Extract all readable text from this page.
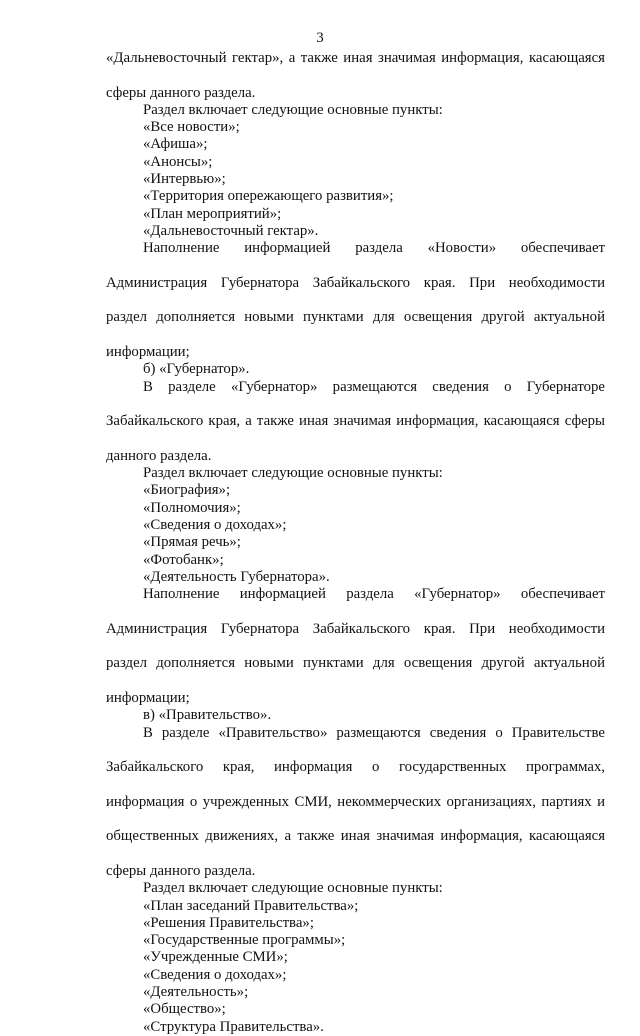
3
«Дальневосточный гектар», а также иная значимая информация, касающаяся
сферы данного раздела.
Раздел включает следующие основные пункты:
«Все новости»;
«Афиша»;
«Анонсы»;
«Интервью»;
«Территория опережающего развития»;
«План мероприятий»;
«Дальневосточный гектар».
Наполнение информацией раздела «Новости» обеспечивает
Администрация Губернатора Забайкальского края. При необходимости
раздел дополняется новыми пунктами для освещения другой актуальной
информации;
б) «Губернатор».
В разделе «Губернатор» размещаются сведения о Губернаторе
Забайкальского края, а также иная значимая информация, касающаяся сферы
данного раздела.
Раздел включает следующие основные пункты:
«Биография»;
«Полномочия»;
«Сведения о доходах»;
«Прямая речь»;
«Фотобанк»;
«Деятельность Губернатора».
Наполнение информацией раздела «Губернатор» обеспечивает
Администрация Губернатора Забайкальского края. При необходимости
раздел дополняется новыми пунктами для освещения другой актуальной
информации;
в) «Правительство».
В разделе «Правительство» размещаются сведения о Правительстве
Забайкальского края, информация о государственных программах,
информация о учрежденных СМИ, некоммерческих организациях, партиях и
общественных движениях, а также иная значимая информация, касающаяся
сферы данного раздела.
Раздел включает следующие основные пункты:
«План заседаний Правительства»;
«Решения Правительства»;
«Государственные программы»;
«Учрежденные СМИ»;
«Сведения о доходах»;
«Деятельность»;
«Общество»;
«Структура Правительства».
